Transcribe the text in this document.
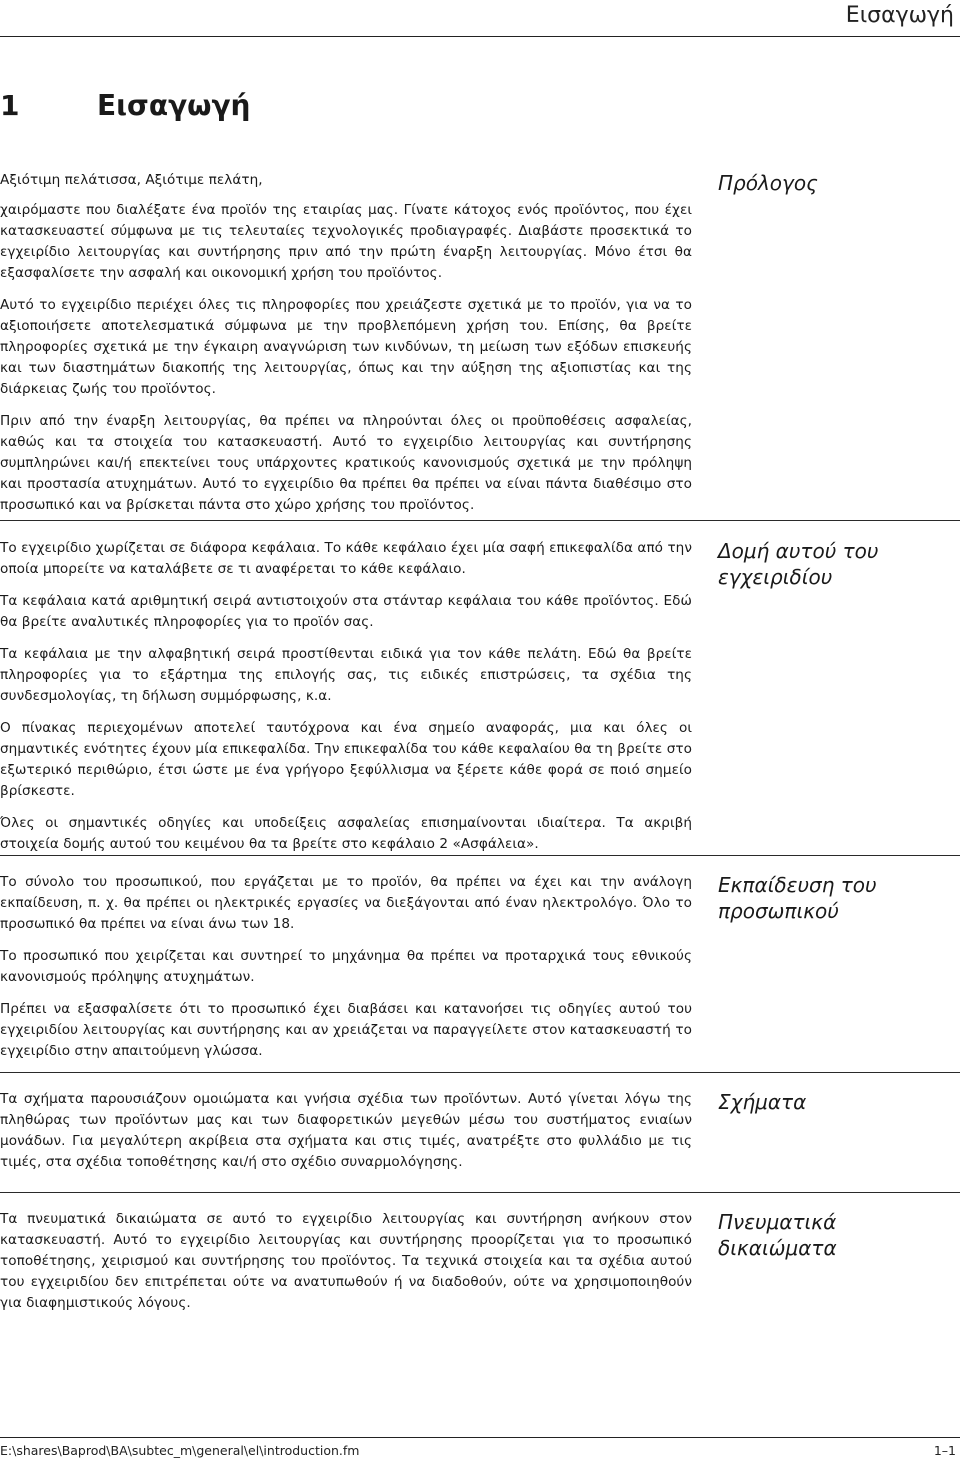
Εισαγωγή
1	Εισαγωγή

Αξιότιμη πελάτισσα, Αξιότιμε πελάτη,

χαιρόμαστε που διαλέξατε ένα προϊόν της εταιρίας μας. Γίνατε κάτοχος ενός προϊόντος, που έχει κατασκευαστεί σύμφωνα με τις τελευταίες τεχνολογικές προδιαγραφές. Διαβάστε προσεκτικά το εγχειρίδιο λειτουργίας και συντήρησης πριν από την πρώτη έναρξη λειτουργίας. Μόνο έτσι θα εξασφαλίσετε την ασφαλή και οικονομική χρήση του προϊόντος.

Αυτό το εγχειρίδιο περιέχει όλες τις πληροφορίες που χρειάζεστε σχετικά με το προϊόν, για να το αξιοποιήσετε αποτελεσματικά σύμφωνα με την προβλεπόμενη χρήση του. Επίσης, θα βρείτε πληροφορίες σχετικά με την έγκαιρη αναγνώριση των κινδύνων, τη μείωση των εξόδων επισκευής και των διαστημάτων διακοπής της λειτουργίας, όπως και την αύξηση της αξιοπιστίας και της διάρκειας ζωής του προϊόντος.

Πριν από την έναρξη λειτουργίας, θα πρέπει να πληρούνται όλες οι προϋποθέσεις ασφαλείας, καθώς και τα στοιχεία του κατασκευαστή. Αυτό το εγχειρίδιο λειτουργίας και συντήρησης συμπληρώνει και/ή επεκτείνει τους υπάρχοντες κρατικούς κανονισμούς σχετικά με την πρόληψη και προστασία ατυχημάτων. Αυτό το εγχειρίδιο θα πρέπει θα πρέπει να είναι πάντα διαθέσιμο στο προσωπικό και να βρίσκεται πάντα στο χώρο χρήσης του προϊόντος.

Πρόλογος

Το εγχειρίδιο χωρίζεται σε διάφορα κεφάλαια. Το κάθε κεφάλαιο έχει μία σαφή επικεφαλίδα από την οποία μπορείτε να καταλάβετε σε τι αναφέρεται το κάθε κεφάλαιο.

Τα κεφάλαια κατά αριθμητική σειρά αντιστοιχούν στα στάνταρ κεφάλαια του κάθε προϊόντος. Εδώ θα βρείτε αναλυτικές πληροφορίες για το προϊόν σας.

Τα κεφάλαια με την αλφαβητική σειρά προστίθενται ειδικά για τον κάθε πελάτη. Εδώ θα βρείτε πληροφορίες για το εξάρτημα της επιλογής σας, τις ειδικές επιστρώσεις, τα σχέδια της συνδεσμολογίας, τη δήλωση συμμόρφωσης, κ.α.

Ο πίνακας περιεχομένων αποτελεί ταυτόχρονα και ένα σημείο αναφοράς, μια και όλες οι σημαντικές ενότητες έχουν μία επικεφαλίδα. Την επικεφαλίδα του κάθε κεφαλαίου θα τη βρείτε στο εξωτερικό περιθώριο, έτσι ώστε με ένα γρήγορο ξεφύλλισμα να ξέρετε κάθε φορά σε ποιό σημείο βρίσκεστε.

Όλες οι σημαντικές οδηγίες και υποδείξεις ασφαλείας επισημαίνονται ιδιαίτερα. Τα ακριβή στοιχεία δομής αυτού του κειμένου θα τα βρείτε στο κεφάλαιο 2 «Ασφάλεια».

Δομή αυτού του εγχειριδίου

Το σύνολο του προσωπικού, που εργάζεται με το προϊόν, θα πρέπει να έχει και την ανάλογη εκπαίδευση, π. χ. θα πρέπει οι ηλεκτρικές εργασίες να διεξάγονται από έναν ηλεκτρολόγο. Όλο το προσωπικό θα πρέπει να είναι άνω των 18.

Το προσωπικό που χειρίζεται και συντηρεί το μηχάνημα θα πρέπει να προταρχικά τους εθνικούς κανονισμούς πρόληψης ατυχημάτων.

Πρέπει να εξασφαλίσετε ότι το προσωπικό έχει διαβάσει και κατανοήσει τις οδηγίες αυτού του εγχειριδίου λειτουργίας και συντήρησης και αν χρειάζεται να παραγγείλετε στον κατασκευαστή το εγχειρίδιο στην απαιτούμενη γλώσσα.

Εκπαίδευση του προσωπικού

Τα σχήματα παρουσιάζουν ομοιώματα και γνήσια σχέδια των προϊόντων. Αυτό γίνεται λόγω της πληθώρας των προϊόντων μας και των διαφορετικών μεγεθών μέσω του συστήματος ενιαίων μονάδων. Για μεγαλύτερη ακρίβεια στα σχήματα και στις τιμές, ανατρέξτε στο φυλλάδιο με τις τιμές, στα σχέδια τοποθέτησης και/ή στο σχέδιο συναρμολόγησης.

Σχήματα

Τα πνευματικά δικαιώματα σε αυτό το εγχειρίδιο λειτουργίας και συντήρηση ανήκουν στον κατασκευαστή. Αυτό το εγχειρίδιο λειτουργίας και συντήρησης προορίζεται για το προσωπικό τοποθέτησης, χειρισμού και συντήρησης του προϊόντος. Τα τεχνικά στοιχεία και τα σχέδια αυτού του εγχειριδίου δεν επιτρέπεται ούτε να ανατυπωθούν ή να διαδοθούν, ούτε να χρησιμοποιηθούν για διαφημιστικούς λόγους.

Πνευματικά δικαιώματα
E:\shares\Baprod\BA\subtec_m\general\el\introduction.fm	1–1
